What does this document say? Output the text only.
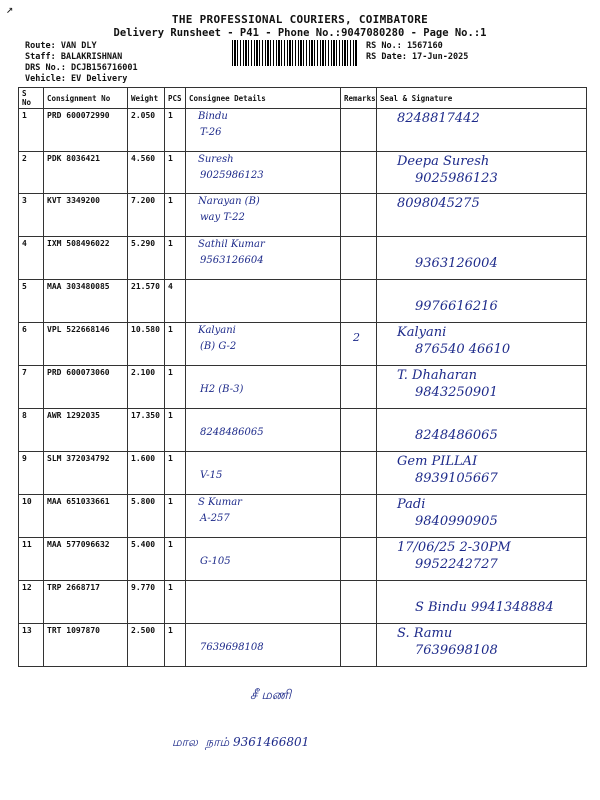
↗
THE PROFESSIONAL COURIERS, COIMBATORE
Delivery Runsheet - P41 - Phone No.:9047080280 - Page No.:1
Route: VAN DLY
Staff: BALAKRISHNAN
DRS No.: DCJB156716001
Vehicle: EV Delivery
RS No.: 1567160
RS Date: 17-Jun-2025
S No	Consignment No	Weight	PCS	Consignee Details	Remarks	Seal & Signature
1	PRD 600072990	2.050	1	Bindu
T-26		8248817442

2	PDK 8036421	4.560	1	Suresh
9025986123		Deepa Suresh
9025986123

3	KVT 3349200	7.200	1	Narayan (B)
way T-22		8098045275

4	IXM 508496022	5.290	1	Sathil Kumar
9563126604		9363126004

5	MAA 303480085	21.570	4			9976616216

6	VPL 522668146	10.580	1	Kalyani
(B) G-2	2	Kalyani
876540 46610

7	PRD 600073060	2.100	1	H2 (B-3)		T. Dhaharan
9843250901

8	AWR 1292035	17.350	1	8248486065		8248486065

9	SLM 372034792	1.600	1	V-15		Gem PILLAI
8939105667

10	MAA 651033661	5.800	1	S Kumar
A-257		Padi
9840990905

11	MAA 577096632	5.400	1	G-105		17/06/25 2-30PM
9952242727

12	TRP 2668717	9.770	1			S Bindu 9941348884

13	TRT 1097870	2.500	1	7639698108		S. Ramu
7639698108
சீ மணி
மால  நாம் 9361466801
